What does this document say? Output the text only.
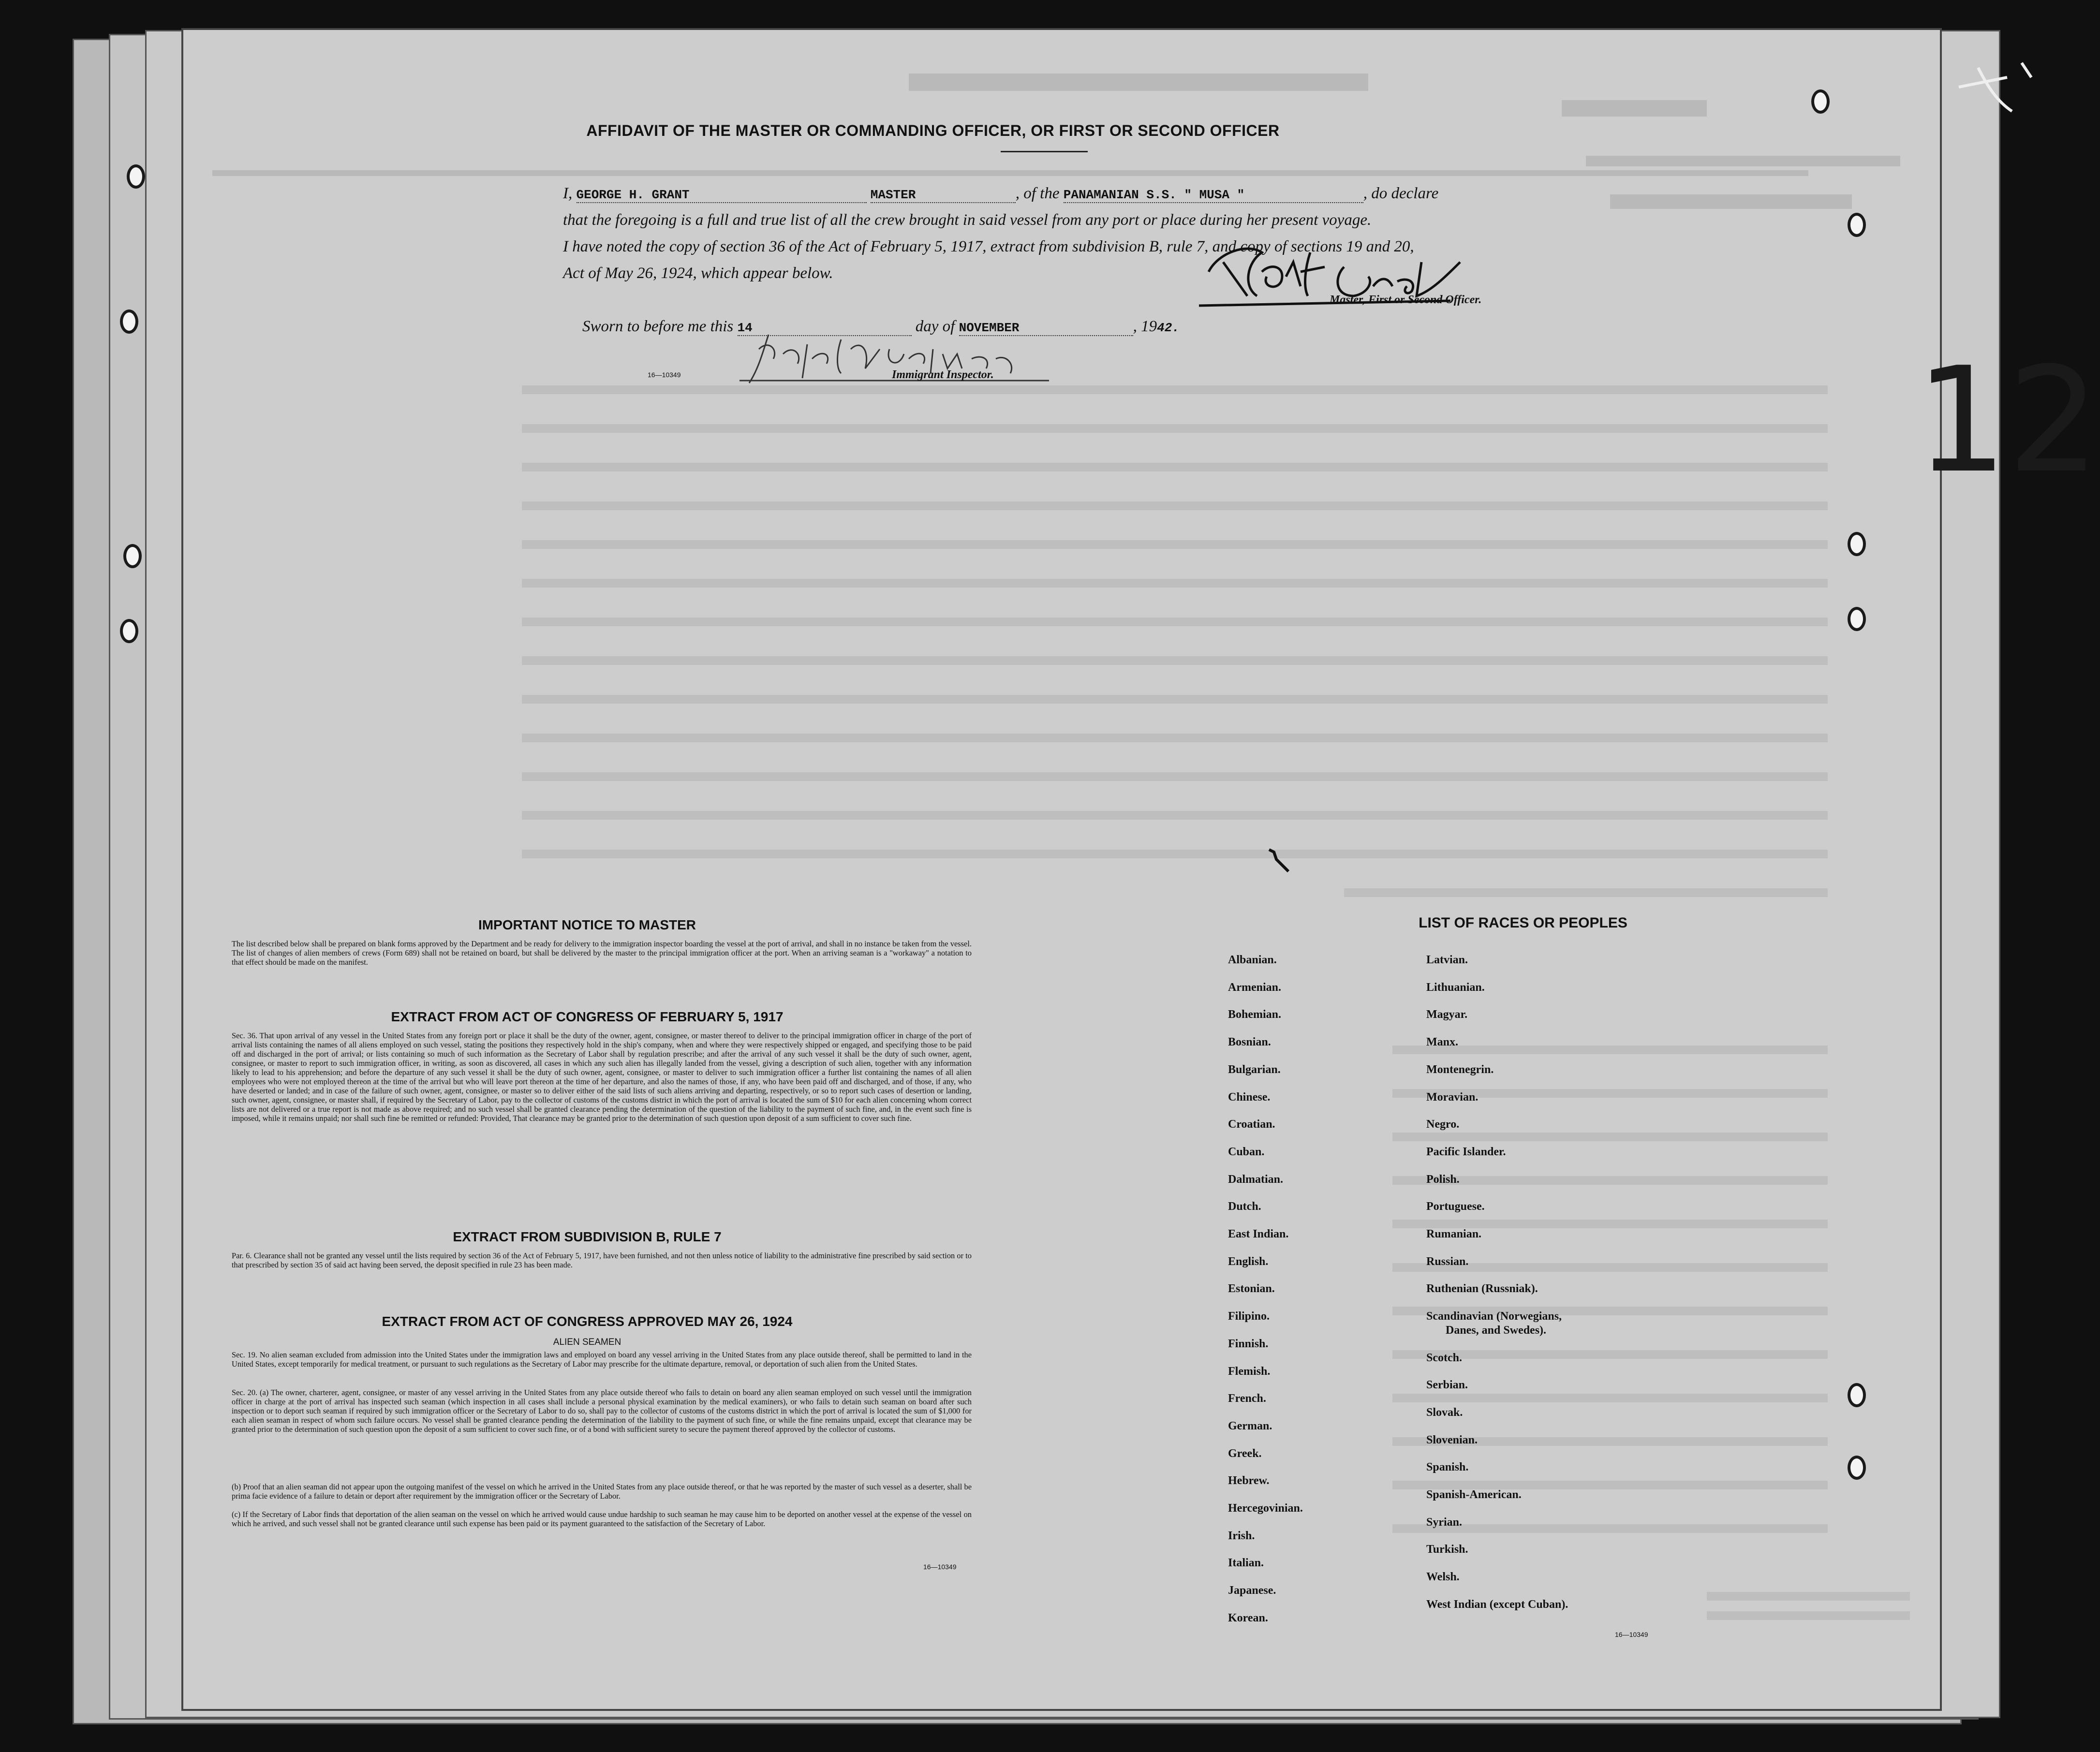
AFFIDAVIT OF THE MASTER OR COMMANDING OFFICER, OR FIRST OR SECOND OFFICER
I, GEORGE H. GRANT	MASTER	, of the PANAMANIAN S.S. " MUSA "	, do declare
that the foregoing is a full and true list of all the crew brought in said vessel from any port or place during her present voyage.
I have noted the copy of section 36 of the Act of February 5, 1917, extract from subdivision B, rule 7, and copy of sections 19 and 20,
Act of May 26, 1924, which appear below.
Master, First or Second Officer.
Sworn to before me this 14	day of NOVEMBER	, 1942.
16—10349	Immigrant Inspector.
IMPORTANT NOTICE TO MASTER
The list described below shall be prepared on blank forms approved by the Department and be ready for delivery to the immigration inspector boarding the vessel at the port of arrival, and shall in no instance be taken from the vessel. The list of changes of alien members of crews (Form 689) shall not be retained on board, but shall be delivered by the master to the principal immigration officer at the port. When an arriving seaman is a "workaway" a notation to that effect should be made on the manifest.
EXTRACT FROM ACT OF CONGRESS OF FEBRUARY 5, 1917
Sec. 36. That upon arrival of any vessel in the United States from any foreign port or place it shall be the duty of the owner, agent, consignee, or master thereof to deliver to the principal immigration officer in charge of the port of arrival lists containing the names of all aliens employed on such vessel, stating the positions they respectively hold in the ship's company, when and where they were respectively shipped or engaged, and specifying those to be paid off and discharged in the port of arrival; or lists containing so much of such information as the Secretary of Labor shall by regulation prescribe; and after the arrival of any such vessel it shall be the duty of such owner, agent, consignee, or master to report to such immigration officer, in writing, as soon as discovered, all cases in which any such alien has illegally landed from the vessel, giving a description of such alien, together with any information likely to lead to his apprehension; and before the departure of any such vessel it shall be the duty of such owner, agent, consignee, or master to deliver to such immigration officer a further list containing the names of all alien employees who were not employed thereon at the time of the arrival but who will leave port thereon at the time of her departure, and also the names of those, if any, who have been paid off and discharged, and of those, if any, who have deserted or landed; and in case of the failure of such owner, agent, consignee, or master so to deliver either of the said lists of such aliens arriving and departing, respectively, or so to report such cases of desertion or landing, such owner, agent, consignee, or master shall, if required by the Secretary of Labor, pay to the collector of customs of the customs district in which the port of arrival is located the sum of $10 for each alien concerning whom correct lists are not delivered or a true report is not made as above required; and no such vessel shall be granted clearance pending the determination of the question of the liability to the payment of such fine, and, in the event such fine is imposed, while it remains unpaid; nor shall such fine be remitted or refunded: Provided, That clearance may be granted prior to the determination of such question upon deposit of a sum sufficient to cover such fine.
EXTRACT FROM SUBDIVISION B, RULE 7
Par. 6. Clearance shall not be granted any vessel until the lists required by section 36 of the Act of February 5, 1917, have been furnished, and not then unless notice of liability to the administrative fine prescribed by said section or to that prescribed by section 35 of said act having been served, the deposit specified in rule 23 has been made.
EXTRACT FROM ACT OF CONGRESS APPROVED MAY 26, 1924
ALIEN SEAMEN
Sec. 19. No alien seaman excluded from admission into the United States under the immigration laws and employed on board any vessel arriving in the United States from any place outside thereof, shall be permitted to land in the United States, except temporarily for medical treatment, or pursuant to such regulations as the Secretary of Labor may prescribe for the ultimate departure, removal, or deportation of such alien from the United States.
Sec. 20. (a) The owner, charterer, agent, consignee, or master of any vessel arriving in the United States from any place outside thereof who fails to detain on board any alien seaman employed on such vessel until the immigration officer in charge at the port of arrival has inspected such seaman (which inspection in all cases shall include a personal physical examination by the medical examiners), or who fails to detain such seaman on board after such inspection or to deport such seaman if required by such immigration officer or the Secretary of Labor to do so, shall pay to the collector of customs of the customs district in which the port of arrival is located the sum of $1,000 for each alien seaman in respect of whom such failure occurs. No vessel shall be granted clearance pending the determination of the liability to the payment of such fine, or while the fine remains unpaid, except that clearance may be granted prior to the determination of such question upon the deposit of a sum sufficient to cover such fine, or of a bond with sufficient surety to secure the payment thereof approved by the collector of customs.
(b) Proof that an alien seaman did not appear upon the outgoing manifest of the vessel on which he arrived in the United States from any place outside thereof, or that he was reported by the master of such vessel as a deserter, shall be prima facie evidence of a failure to detain or deport after requirement by the immigration officer or the Secretary of Labor.
(c) If the Secretary of Labor finds that deportation of the alien seaman on the vessel on which he arrived would cause undue hardship to such seaman he may cause him to be deported on another vessel at the expense of the vessel on which he arrived, and such vessel shall not be granted clearance until such expense has been paid or its payment guaranteed to the satisfaction of the Secretary of Labor.
16—10349
LIST OF RACES OR PEOPLES
Albanian.
Armenian.
Bohemian.
Bosnian.
Bulgarian.
Chinese.
Croatian.
Cuban.
Dalmatian.
Dutch.
East Indian.
English.
Estonian.
Filipino.
Finnish.
Flemish.
French.
German.
Greek.
Hebrew.
Hercegovinian.
Irish.
Italian.
Japanese.
Korean.
Latvian.
Lithuanian.
Magyar.
Manx.
Montenegrin.
Moravian.
Negro.
Pacific Islander.
Polish.
Portuguese.
Rumanian.
Russian.
Ruthenian (Russniak).
Scandinavian (Norwegians,
Danes, and Swedes).
Scotch.
Serbian.
Slovak.
Slovenian.
Spanish.
Spanish-American.
Syrian.
Turkish.
Welsh.
West Indian (except Cuban).
16—10349
12
